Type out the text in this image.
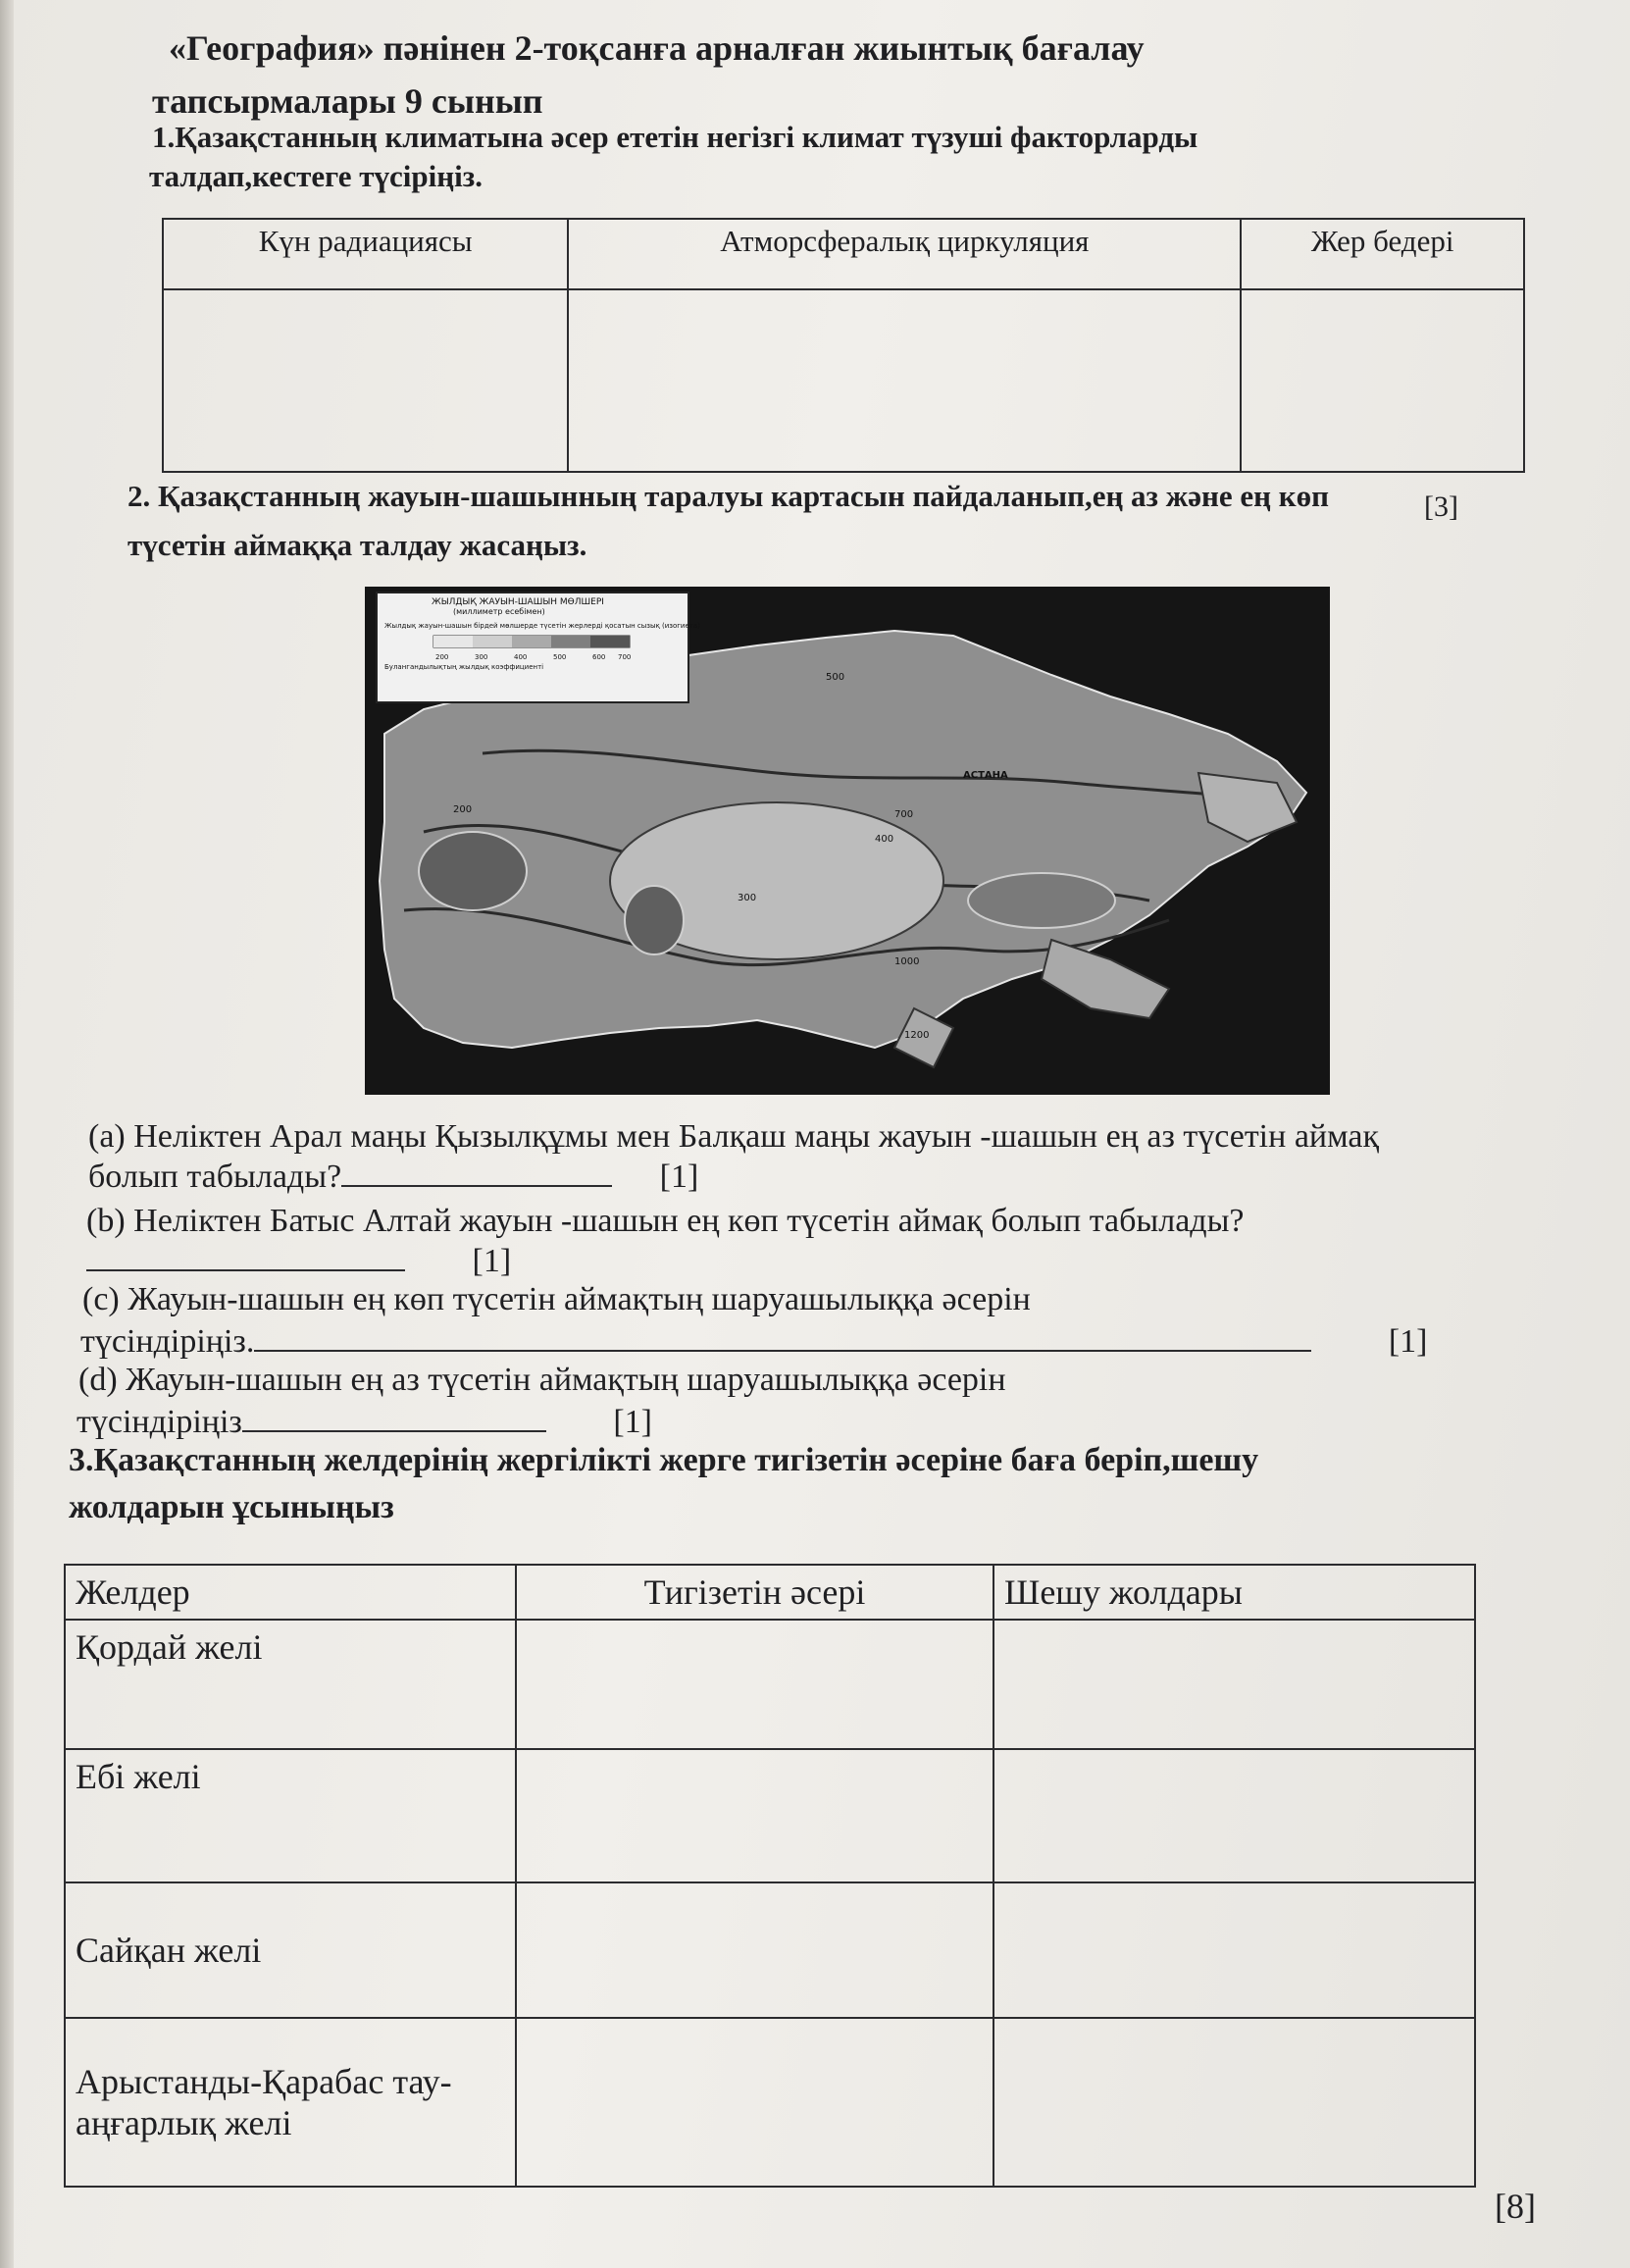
«География» пәнінен 2-тоқсанға арналған жиынтық бағалау
тапсырмалары 9 сынып
1.Қазақстанның климатына әсер ететін негізгі климат түзуші факторларды
талдап,кестеге түсіріңіз.
Күн радиациясы	Атморсфералық циркуляция	Жер бедері

[3]
2. Қазақстанның жауын-шашынның таралуы картасын пайдаланып,ең аз және ең көп
түсетін аймаққа талдау жасаңыз.
ЖЫЛДЫҚ ЖАУЫН-ШАШЫН МӨЛШЕРІ
(миллиметр есебімен)
Жылдық жауын-шашын бірдей мөлшерде түсетін жерлерді қосатын сызық (изогиета)
Булангандылықтың жылдық коэффициенті
200	300	400	500	600 700
АСТАНА
500
400
300
200	700
1000
1200
(a) Неліктен Арал маңы Қызылқұмы мен Балқаш маңы жауын -шашын ең аз түсетін аймақ
болып табылады?	[1]
(b) Неліктен Батыс Алтай жауын -шашын ең көп түсетін аймақ болып табылады?
[1]
(c) Жауын-шашын ең көп түсетін аймақтың шаруашылыққа әсерін
түсіндіріңіз.	[1]
(d) Жауын-шашын ең аз түсетін аймақтың шаруашылыққа әсерін
түсіндіріңіз	[1]
3.Қазақстанның желдерінің жергілікті жерге тигізетін әсеріне баға беріп,шешу
жолдарын ұсыныңыз
Желдер	Тигізетін әсері	Шешу жолдары
Қордай желі		
Ебі желі		
Сайқан желі		

Арыстанды-Қарабас тау-
аңғарлық желі		

[8]
